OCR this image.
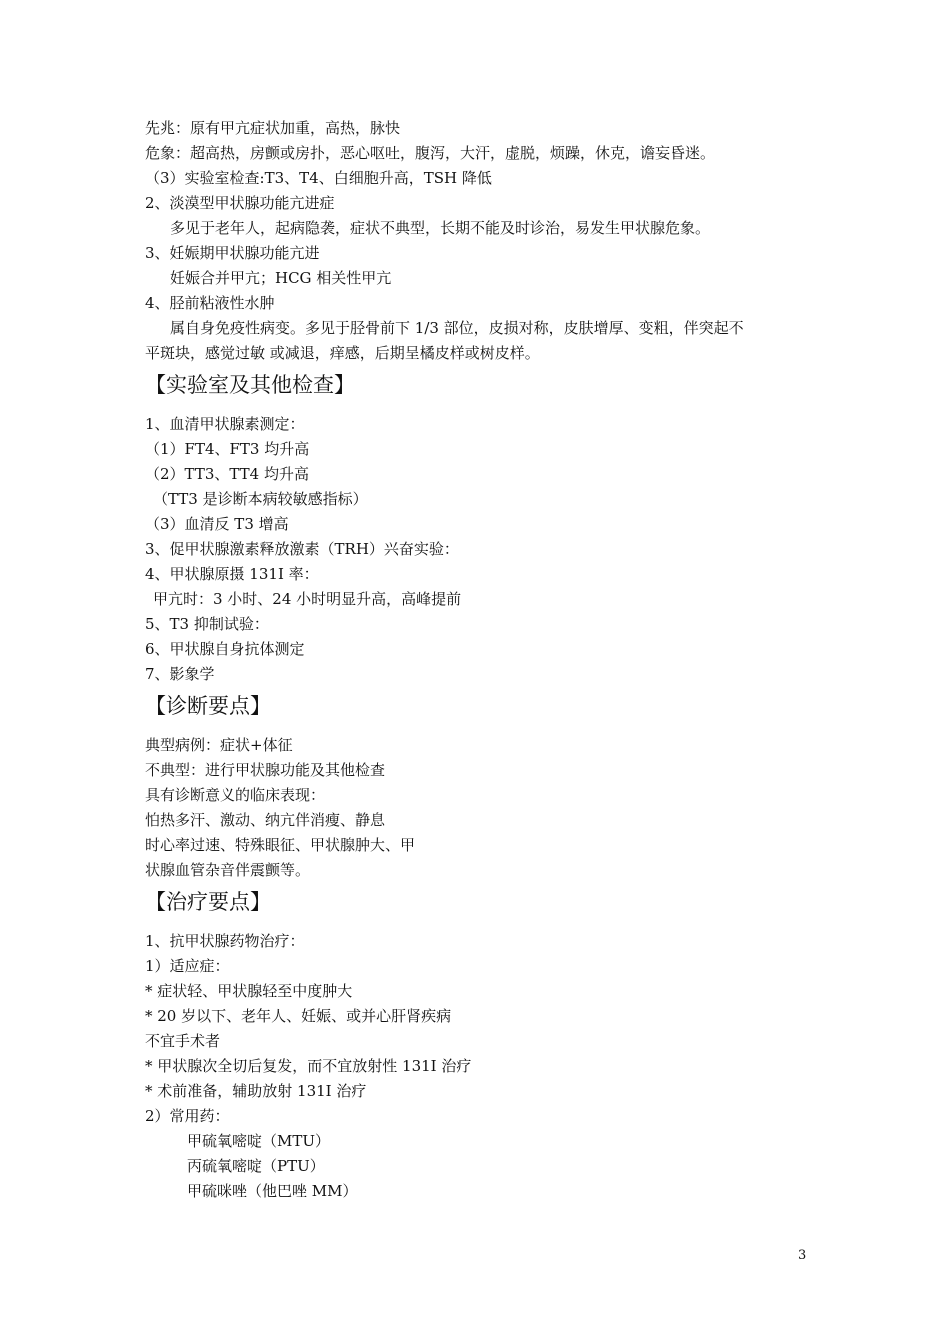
先兆：原有甲亢症状加重，高热，脉快
危象：超高热，房颤或房扑，恶心呕吐，腹泻，大汗，虚脱，烦躁，休克，谵妄昏迷。
（3）实验室检查:T3、T4、白细胞升高，TSH 降低
2、淡漠型甲状腺功能亢进症
多见于老年人，起病隐袭，症状不典型，长期不能及时诊治，易发生甲状腺危象。
3、妊娠期甲状腺功能亢进
妊娠合并甲亢；HCG 相关性甲亢
4、胫前粘液性水肿
属自身免疫性病变。多见于胫骨前下 1/3 部位，皮损对称，皮肤增厚、变粗，伴突起不
平斑块，感觉过敏 或减退，痒感，后期呈橘皮样或树皮样。
【实验室及其他检查】
1、血清甲状腺素测定：
（1）FT4、FT3 均升高
（2）TT3、TT4 均升高
（TT3 是诊断本病较敏感指标）
（3）血清反 T3 增高
3、促甲状腺激素释放激素（TRH）兴奋实验：
4、甲状腺原摄 131I 率：
甲亢时：3 小时、24 小时明显升高，高峰提前
5、T3 抑制试验：
6、甲状腺自身抗体测定
7、影象学
【诊断要点】
典型病例：症状+体征
不典型：进行甲状腺功能及其他检查
具有诊断意义的临床表现：
怕热多汗、激动、纳亢伴消瘦、静息
时心率过速、特殊眼征、甲状腺肿大、甲
状腺血管杂音伴震颤等。
【治疗要点】
1、抗甲状腺药物治疗：
1）适应症：
* 症状轻、甲状腺轻至中度肿大
* 20 岁以下、老年人、妊娠、或并心肝肾疾病
不宜手术者
* 甲状腺次全切后复发，而不宜放射性 131I 治疗
* 术前准备，辅助放射 131I 治疗
2）常用药：
甲硫氧嘧啶（MTU）
丙硫氧嘧啶（PTU）
甲硫咪唑（他巴唑 MM）
3
